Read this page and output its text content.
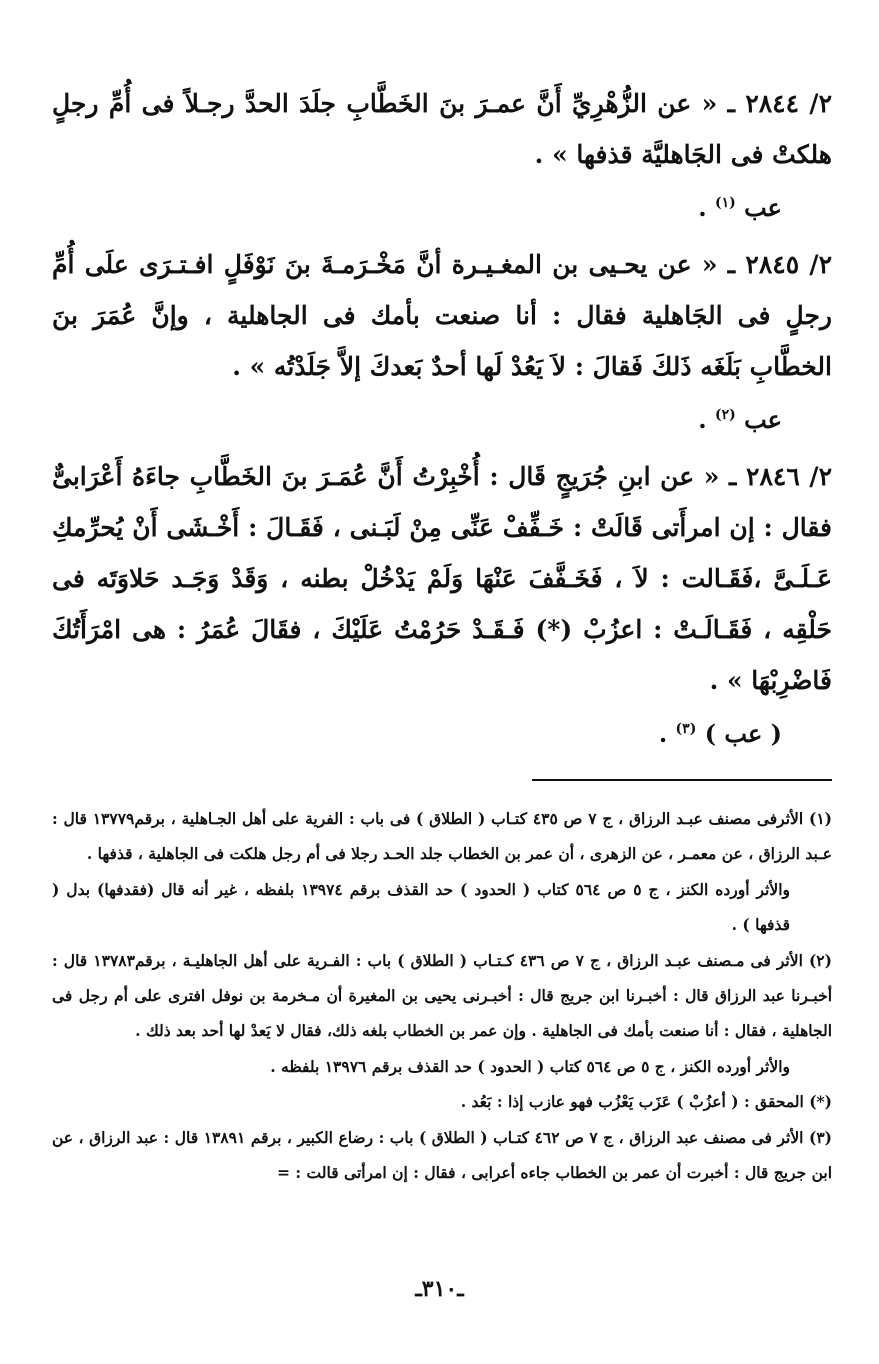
٢/ ٢٨٤٤ ـ « عن الزُّهْرِيِّ أَنَّ عمـرَ بنَ الخَطَّابِ جلَدَ الحدَّ رجـلاً فى أُمِّ رجلٍ هلكتْ فى الجَاهليَّة قذفها » .
عب $^{(١)}$ .
٢/ ٢٨٤٥ ـ « عن يحـيى بن المغـيـرة أنَّ مَخْـرَمـةَ بنَ نَوْفَلٍ افـتـرَى علَى أُمِّ رجلٍ فى الجَاهلية فقال : أنا صنعت بأمك فى الجاهلية ، وإنَّ عُمَرَ بنَ الخطَّابِ بَلَغَه ذَلكَ فَقالَ : لاَ يَعُدْ لَها أحدٌ بَعدكَ إلاَّ جَلَدْتُه » .
عب $^{(٢)}$ .
٢/ ٢٨٤٦ ـ « عن ابنِ جُرَيجٍ قَال : أُخْبِرْتُ أَنَّ عُمَـرَ بنَ الخَطَّابِ جاءَهُ أَعْرَابىٌّ فقال : إن امرأَتى قَالَتْ : خَـفِّفْ عَنِّى مِنْ لَبَـنى ، فَقَـالَ : أَخْـشَى أَنْ يُحرِّمكِ عَـلَـىَّ ،فَقَـالت : لاَ ، فَخَـفَّفَ عَنْهَا وَلَمْ يَدْخُلْ بطنه ، وَقَدْ وَجَـد حَلاوَتَه فى حَلْقِه ، فَقَـالَـتْ : اعزُبْ (*) فَـقَـدْ حَرُمْتُ عَلَيْكَ ، فقَالَ عُمَرُ : هى امْرَأَتُكَ فَاضْرِبْهَا » .
( عب ) $^{(٣)}$ .
(١) الأثرفى مصنف عبـد الرزاق ، ج ٧ ص ٤٣٥ كتـاب ( الطلاق ) فى باب : الفرية على أهل الجـاهلية ، برقم١٣٧٧٩ قال : عـبد الرزاق ، عن معمـر ، عن الزهرى ، أن عمر بن الخطاب جلد الحـد رجلا فى أم رجل هلكت فى الجاهلية ، قذفها .
والأثر أورده الكنز ، ج ٥ ص ٥٦٤ كتاب ( الحدود ) حد القذف برقم ١٣٩٧٤ بلفظه ، غير أنه قال (فقدفها) بدل ( قذفها ) .
(٢) الأثر فى مـصنف عبـد الرزاق ، ج ٧ ص ٤٣٦ كـتـاب ( الطلاق ) باب : الفـرية على أهل الجاهليـة ، برقم١٣٧٨٣ قال : أخبـرنا عبد الرزاق قال : أخبـرنا ابن جريج قال : أخبـرنى يحيى بن المغيرة أن مـخرمة بن نوفل افترى على أم رجل فى الجاهلية ، فقال : أنا صنعت بأمك فى الجاهلية . وإن عمر بن الخطاب بلغه ذلك، فقال لا يَعدْ لها أحد بعد ذلك .
والأثر أورده الكنز ، ج ٥ ص ٥٦٤ كتاب ( الحدود ) حد القذف برقم ١٣٩٧٦ بلفظه .
(*) المحقق : ( أعزُبْ ) عَزَب يَعْزُب فهو عازب إذا : بَعُد .
(٣) الأثر فى مصنف عبد الرزاق ، ج ٧ ص ٤٦٢ كتـاب ( الطلاق ) باب : رضاع الكبير ، برقم ١٣٨٩١ قال : عبد الرزاق ، عن ابن جريج قال : أخبرت أن عمر بن الخطاب جاءه أعرابى ، فقال : إن امرأتى قالت : =
ـ٣١٠ـ
